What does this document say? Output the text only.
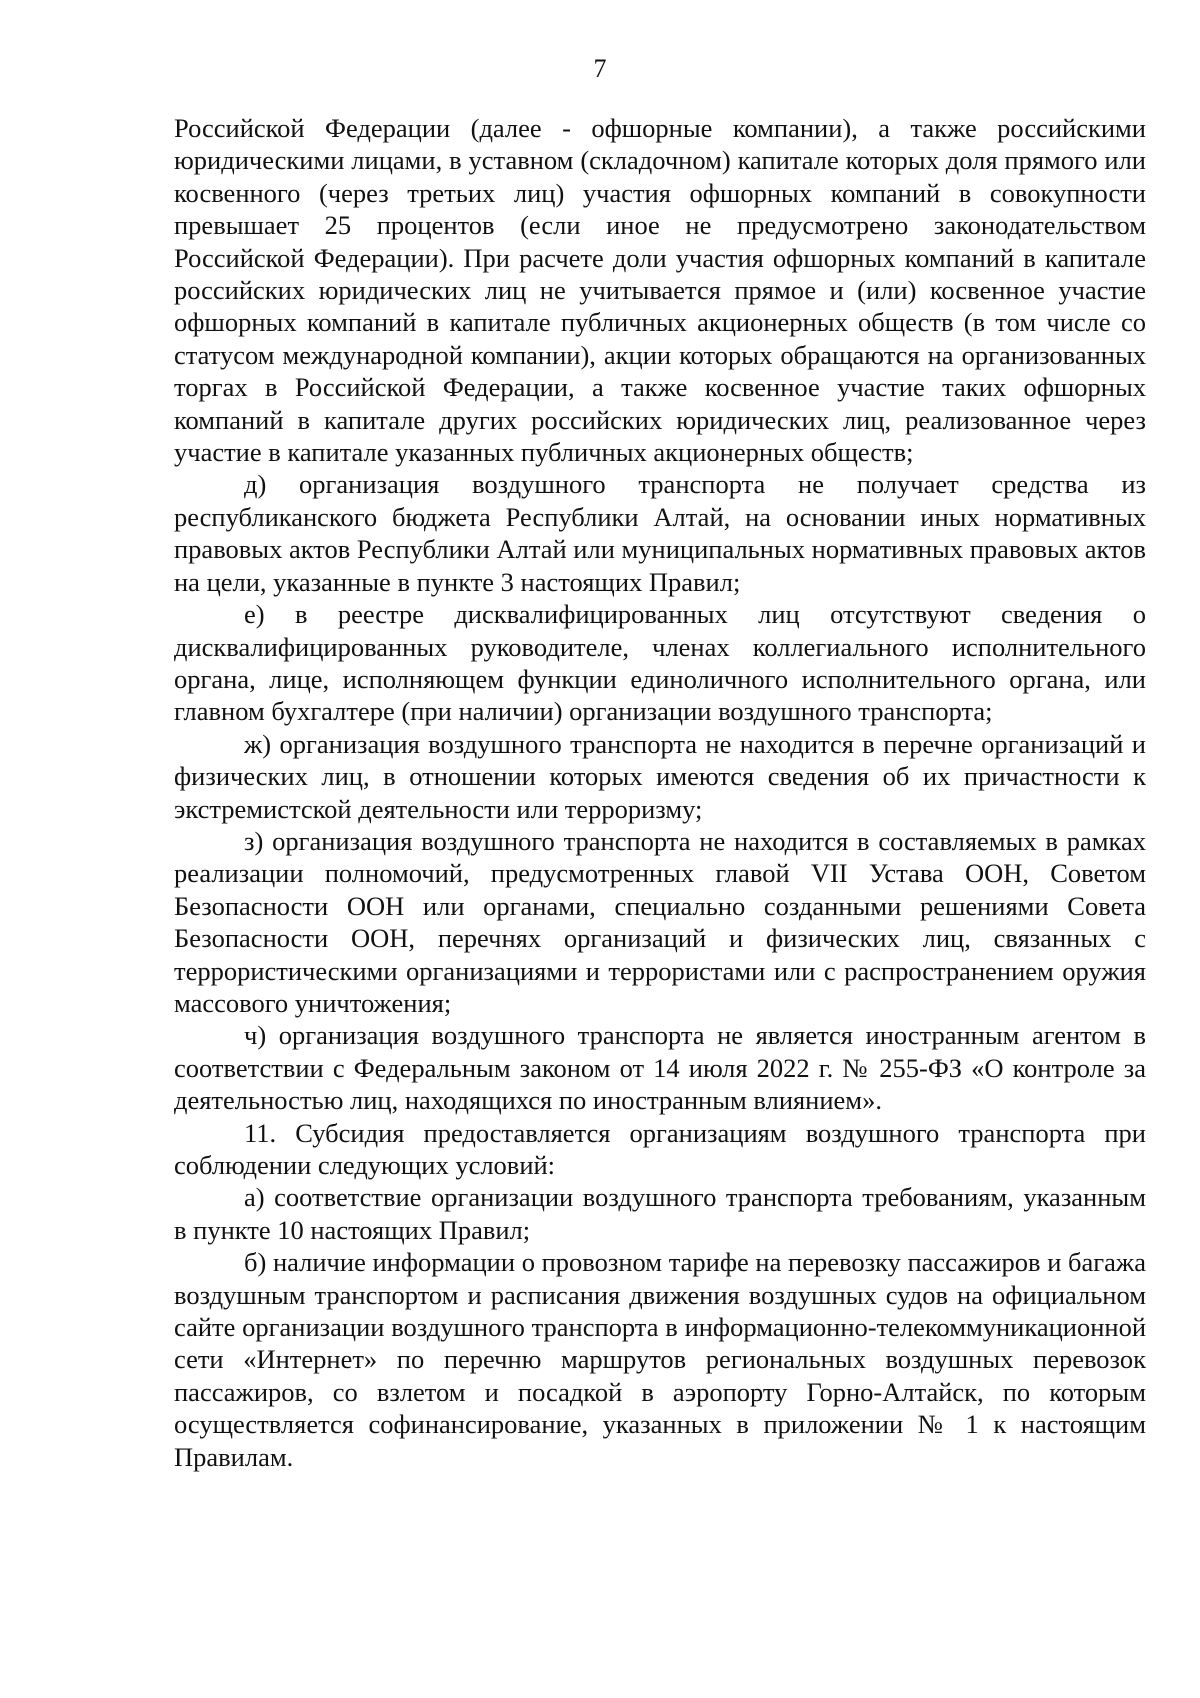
7

Российской Федерации (далее - офшорные компании), а также российскими юридическими лицами, в уставном (складочном) капитале которых доля прямого или косвенного (через третьих лиц) участия офшорных компаний в совокупности превышает 25 процентов (если иное не предусмотрено законодательством Российской Федерации). При расчете доли участия офшорных компаний в капитале российских юридических лиц не учитывается прямое и (или) косвенное участие офшорных компаний в капитале публичных акционерных обществ (в том числе со статусом международной компании), акции которых обращаются на организованных торгах в Российской Федерации, а также косвенное участие таких офшорных компаний в капитале других российских юридических лиц, реализованное через участие в капитале указанных публичных акционерных обществ;

д) организация воздушного транспорта не получает средства из республиканского бюджета Республики Алтай, на основании иных нормативных правовых актов Республики Алтай или муниципальных нормативных правовых актов на цели, указанные в пункте 3 настоящих Правил;

е) в реестре дисквалифицированных лиц отсутствуют сведения о дисквалифицированных руководителе, членах коллегиального исполнительного органа, лице, исполняющем функции единоличного исполнительного органа, или главном бухгалтере (при наличии) организации воздушного транспорта;

ж) организация воздушного транспорта не находится в перечне организаций и физических лиц, в отношении которых имеются сведения об их причастности к экстремистской деятельности или терроризму;

з) организация воздушного транспорта не находится в составляемых в рамках реализации полномочий, предусмотренных главой VII Устава ООН, Советом Безопасности ООН или органами, специально созданными решениями Совета Безопасности ООН, перечнях организаций и физических лиц, связанных с террористическими организациями и террористами или с распространением оружия массового уничтожения;

ч) организация воздушного транспорта не является иностранным агентом в соответствии с Федеральным законом от 14 июля 2022 г. № 255-ФЗ «О контроле за деятельностью лиц, находящихся по иностранным влиянием».

11. Субсидия предоставляется организациям воздушного транспорта при соблюдении следующих условий:

а) соответствие организации воздушного транспорта требованиям, указанным в пункте 10 настоящих Правил;

б) наличие информации о провозном тарифе на перевозку пассажиров и багажа воздушным транспортом и расписания движения воздушных судов на официальном сайте организации воздушного транспорта в информационно-телекоммуникационной сети «Интернет» по перечню маршрутов региональных воздушных перевозок пассажиров, со взлетом и посадкой в аэропорту Горно-Алтайск, по которым осуществляется софинансирование, указанных в приложении № 1 к настоящим Правилам.
